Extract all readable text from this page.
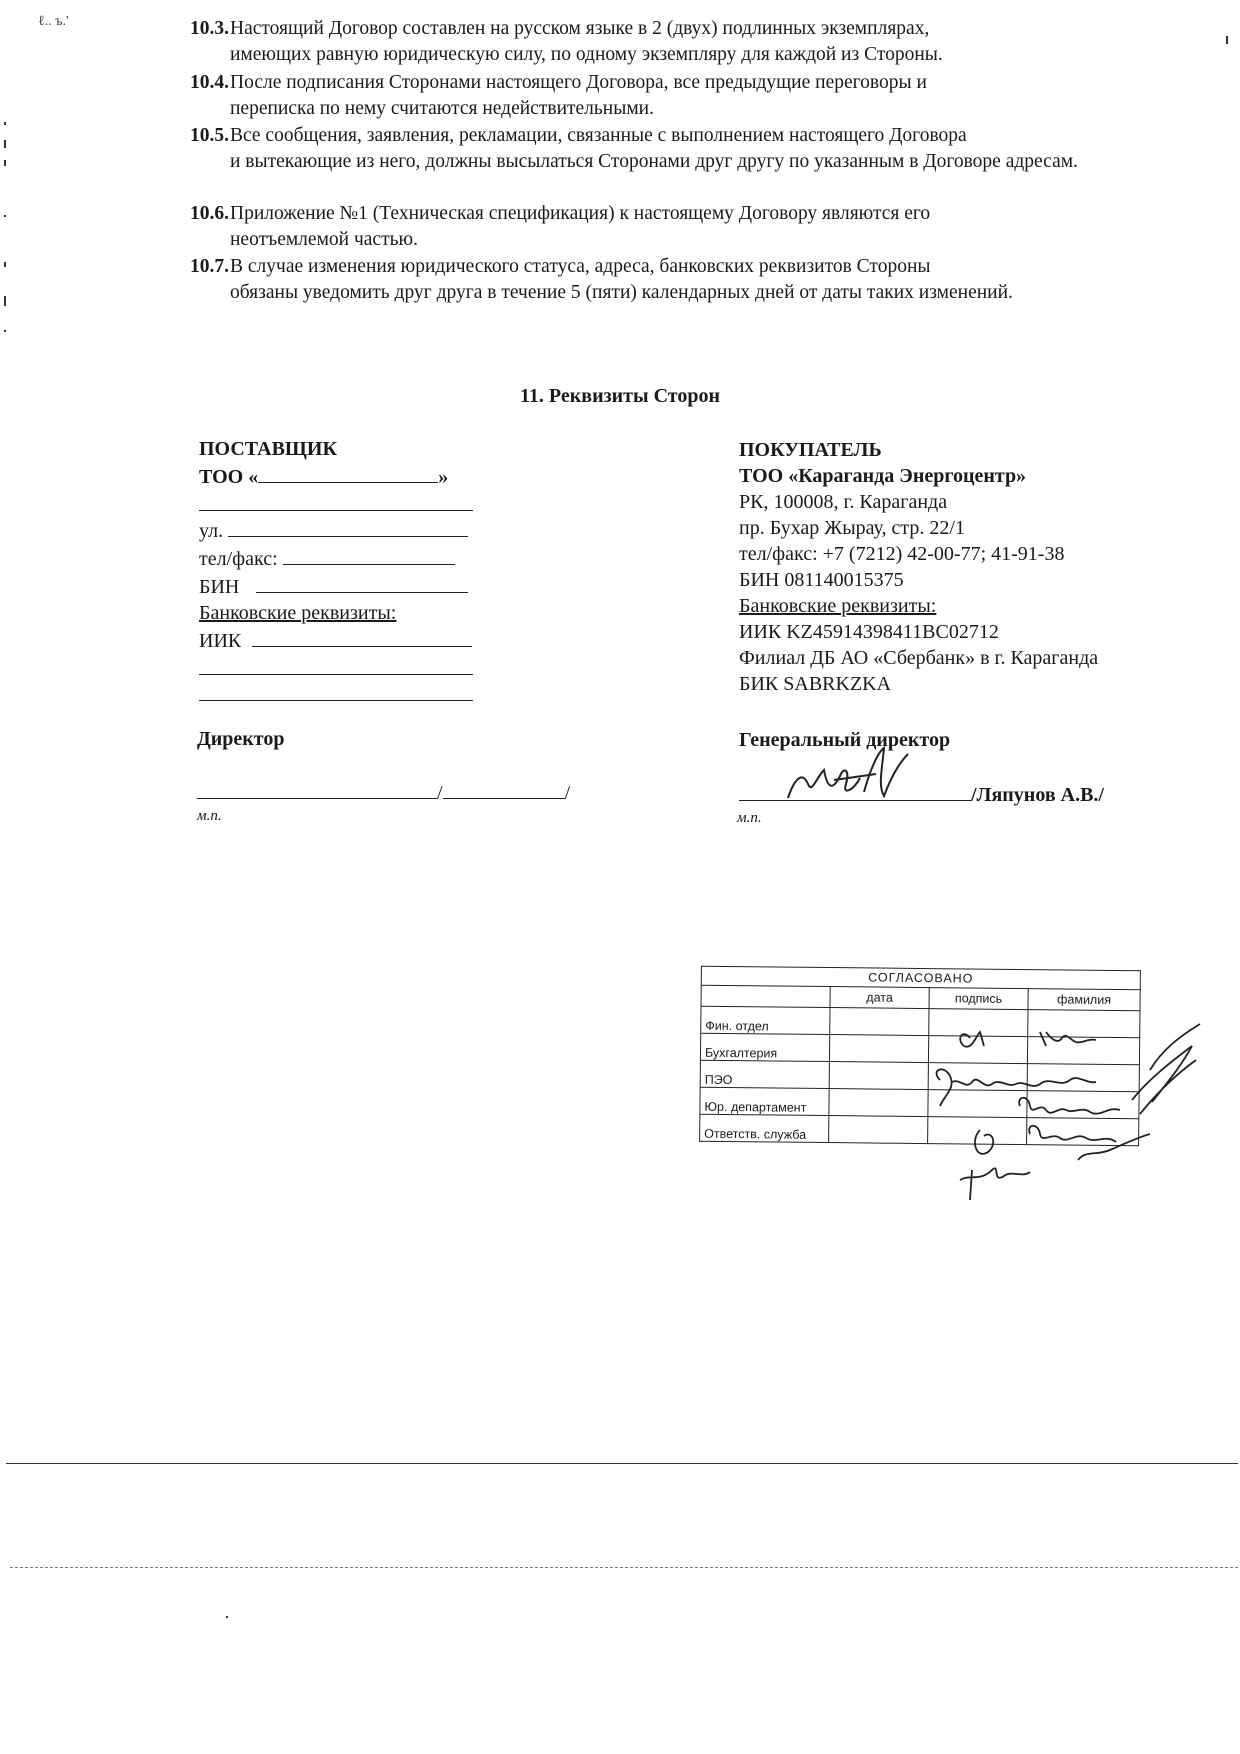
ℓ.. ъ.'	10.3. Настоящий Договор составлен на русском языке в 2 (двух) подлинных экземплярах,
имеющих равную юридическую силу, по одному экземпляру для каждой из Стороны.
10.4. После подписания Сторонами настоящего Договора, все предыдущие переговоры и
переписка по нему считаются недействительными.
10.5. Все сообщения, заявления, рекламации, связанные с выполнением настоящего Договора
и вытекающие из него, должны высылаться Сторонами друг другу по указанным в Договоре адресам.
10.6. Приложение №1 (Техническая спецификация) к настоящему Договору являются его
неотъемлемой частью.
10.7. В случае изменения юридического статуса, адреса, банковских реквизитов Стороны
обязаны уведомить друг друга в течение 5 (пяти) календарных дней от даты таких изменений.
11. Реквизиты Сторон
ПОСТАВЩИК
ТОО «	»
ул.
тел/факс:
БИН
Банковские реквизиты:
ИИК
Директор
/	/
м.п.
ПОКУПАТЕЛЬ
ТОО «Караганда Энергоцентр»
РК, 100008, г. Караганда
пр. Бухар Жырау, стр. 22/1
тел/факс: +7 (7212) 42-00-77; 41-91-38
БИН 081140015375
Банковские реквизиты:
ИИК KZ45914398411BC02712
Филиал ДБ АО «Сбербанк» в г. Караганда
БИК SABRKZKA
Генеральный директор
/Ляпунов А.В./
м.п.
СОГЛАСОВАНО			
	дата	подпись	фамилия
Фин. отдел			
Бухгалтерия			
ПЭО			
Юр. департамент			
Ответств. служба			
